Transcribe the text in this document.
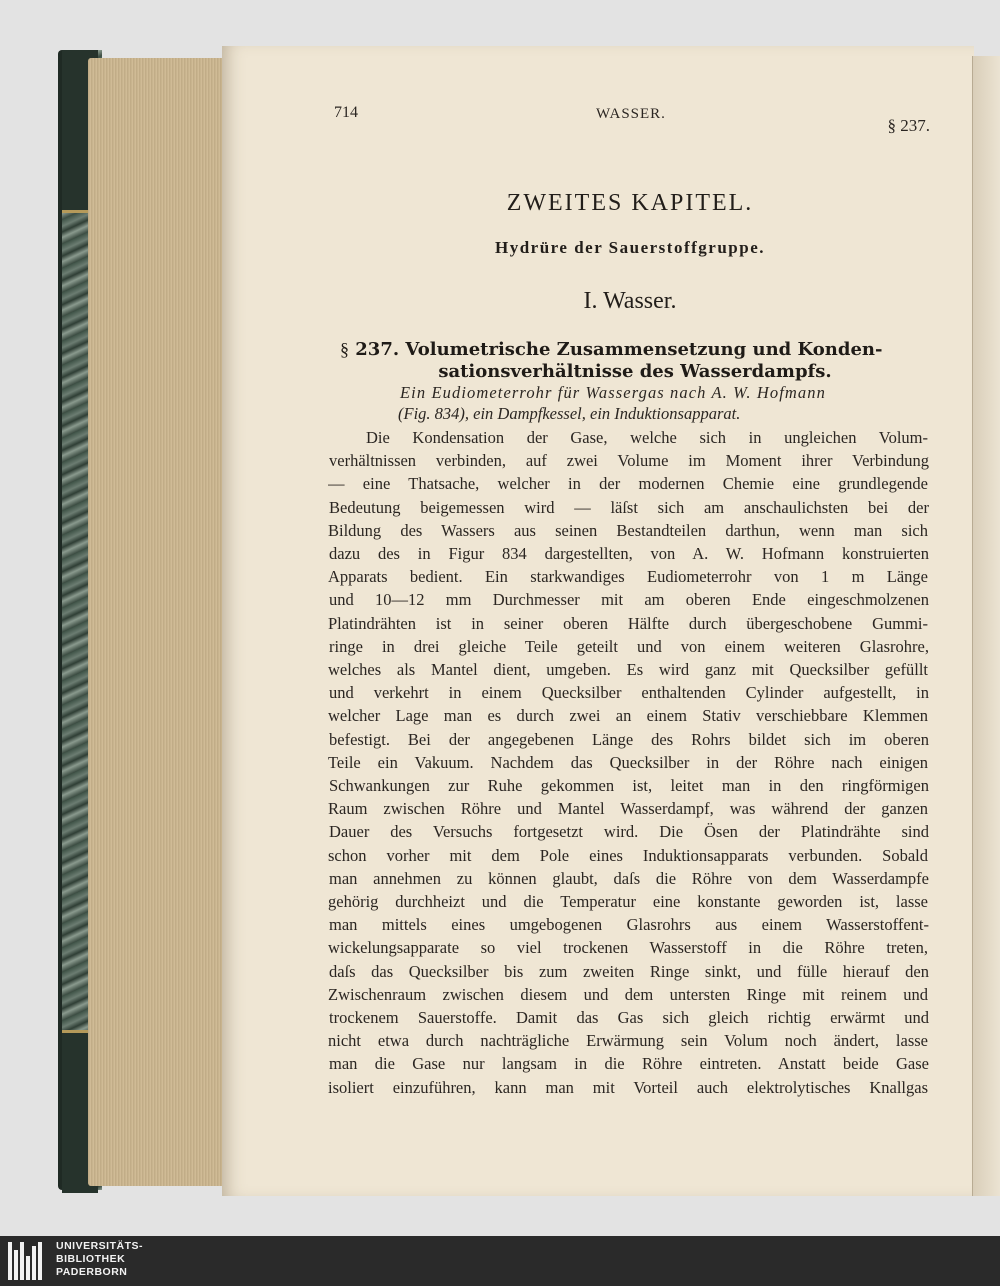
714	WASSER.
§ 237.
ZWEITES KAPITEL.
Hydrüre der Sauerstoffgruppe.
I. Wasser.
§ 237. Volumetrische Zusammensetzung und Konden-
sationsverhältnisse des Wasserdampfs.
Ein Eudiometerrohr für Wassergas nach A. W. Hofmann
(Fig. 834), ein Dampfkessel, ein Induktionsapparat.
Die Kondensation der Gase, welche sich in ungleichen Volum-
verhältnissen verbinden, auf zwei Volume im Moment ihrer Verbindung
— eine Thatsache, welcher in der modernen Chemie eine grundlegende
Bedeutung beigemessen wird — läſst sich am anschaulichsten bei der
Bildung des Wassers aus seinen Bestandteilen darthun, wenn man sich
dazu des in Figur 834 dargestellten, von A. W. Hofmann konstruierten
Apparats bedient. Ein starkwandiges Eudiometerrohr von 1 m Länge
und 10—12 mm Durchmesser mit am oberen Ende eingeschmolzenen
Platindrähten ist in seiner oberen Hälfte durch übergeschobene Gummi-
ringe in drei gleiche Teile geteilt und von einem weiteren Glasrohre,
welches als Mantel dient, umgeben. Es wird ganz mit Quecksilber gefüllt
und verkehrt in einem Quecksilber enthaltenden Cylinder aufgestellt, in
welcher Lage man es durch zwei an einem Stativ verschiebbare Klemmen
befestigt. Bei der angegebenen Länge des Rohrs bildet sich im oberen
Teile ein Vakuum. Nachdem das Quecksilber in der Röhre nach einigen
Schwankungen zur Ruhe gekommen ist, leitet man in den ringförmigen
Raum zwischen Röhre und Mantel Wasserdampf, was während der ganzen
Dauer des Versuchs fortgesetzt wird. Die Ösen der Platindrähte sind
schon vorher mit dem Pole eines Induktionsapparats verbunden. Sobald
man annehmen zu können glaubt, daſs die Röhre von dem Wasserdampfe
gehörig durchheizt und die Temperatur eine konstante geworden ist, lasse
man mittels eines umgebogenen Glasrohrs aus einem Wasserstoffent-
wickelungsapparate so viel trockenen Wasserstoff in die Röhre treten,
daſs das Quecksilber bis zum zweiten Ringe sinkt, und fülle hierauf den
Zwischenraum zwischen diesem und dem untersten Ringe mit reinem und
trockenem Sauerstoffe. Damit das Gas sich gleich richtig erwärmt und
nicht etwa durch nachträgliche Erwärmung sein Volum noch ändert, lasse
man die Gase nur langsam in die Röhre eintreten. Anstatt beide Gase
isoliert einzuführen, kann man mit Vorteil auch elektrolytisches Knallgas
UNIVERSITÄTS-
BIBLIOTHEK
PADERBORN
